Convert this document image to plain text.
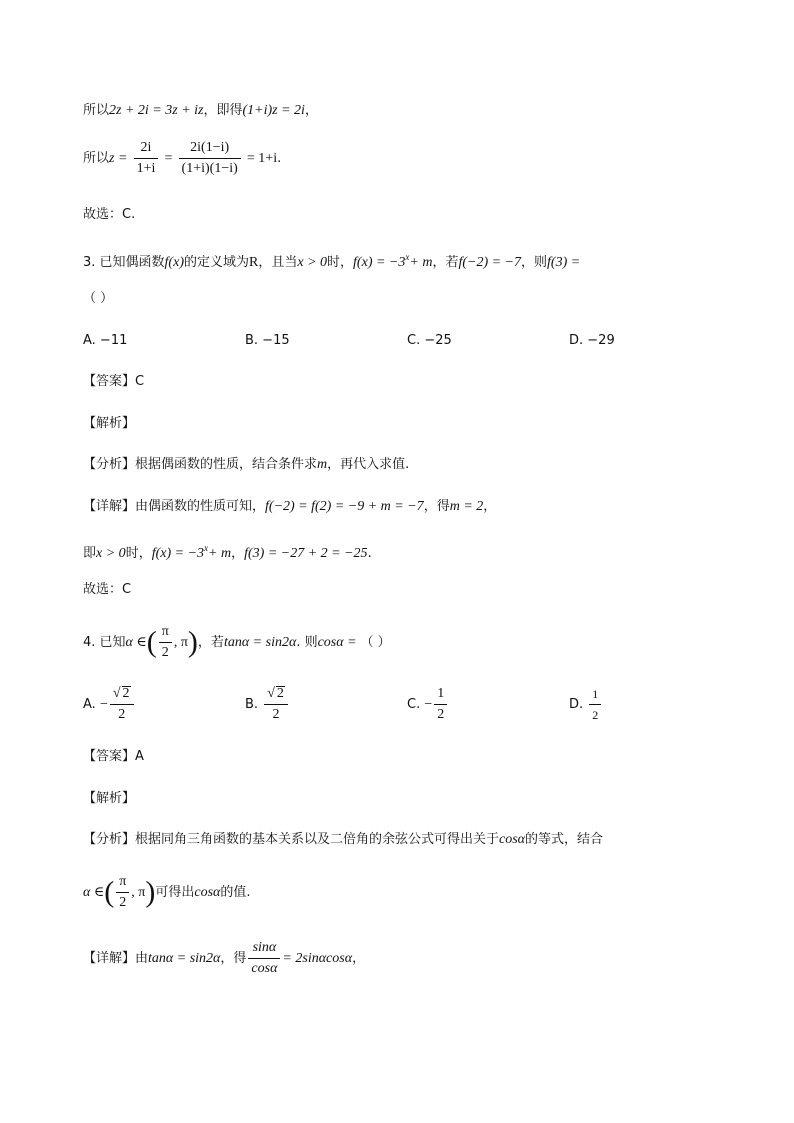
所以2z + 2i = 3z + iz，即得(1+i)z = 2i，
所以$z = \frac{2i}{1+i} = \frac{2i(1-i)}{(1+i)(1-i)} = 1+i$.
故选：C.
3. 已知偶函数f(x)的定义域为R，且当x > 0时，$f(x) = -3^x+ m$，若f(−2) = −7，则f(3) =
（ ）
A. −11	B. −15	C. −25	D. −29
【答案】C
【解析】
【分析】根据偶函数的性质，结合条件求m，再代入求值.
【详解】由偶函数的性质可知，f(−2) = f(2) = −9 + m = −7，得m = 2，
即x > 0时，$f(x) = -3^x+ m$，f(3) = −27 + 2 = −25.
故选：C
4. 已知α ∈( $\frac{\pi}{2}$ , π)，若tanα = sin2α. 则cosα = （ ）
A. − $\frac{√ 2}{2}$	B. $\frac{√ 2}{2}$	C. − $\frac{1}{2}$	D. $\frac{1}{2}$
【答案】A
【解析】
【分析】根据同角三角函数的基本关系以及二倍角的余弦公式可得出关于cosα的等式，结合
α ∈( $\frac{\pi}{2}$ , π)可得出cosα的值.
【详解】由tanα = sin2α，得 $\frac{\sin\alpha}{\cos\alpha} = 2\sin\alpha\cos\alpha$，
